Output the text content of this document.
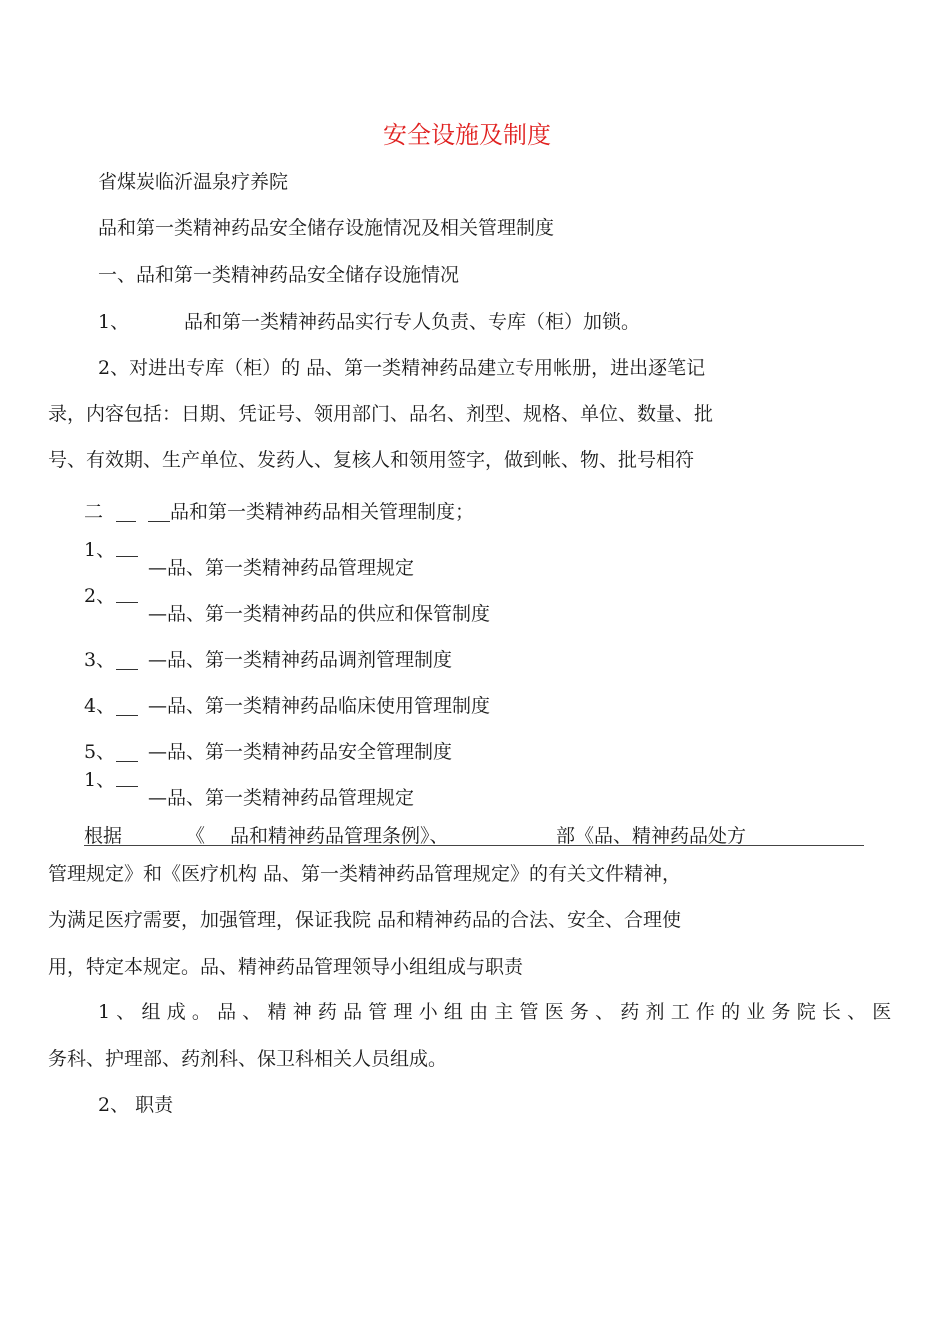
安全设施及制度
省煤炭临沂温泉疗养院
品和第一类精神药品安全储存设施情况及相关管理制度
一、品和第一类精神药品安全储存设施情况
1、	品和第一类精神药品实行专人负责、专库（柜）加锁。
2、对进出专库（柜）的 品、第一类精神药品建立专用帐册，进出逐笔记
录，内容包括：日期、凭证号、领用部门、品名、剂型、规格、单位、数量、批
号、有效期、生产单位、发药人、复核人和领用签字，做到帐、物、批号相符
二	品和第一类精神药品相关管理制度；
1、
—品、第一类精神药品管理规定
2、
—品、第一类精神药品的供应和保管制度
3、 —品、第一类精神药品调剂管理制度
4、 —品、第一类精神药品临床使用管理制度
5、 —品、第一类精神药品安全管理制度
1、
—品、第一类精神药品管理规定
根据	《 品和精神药品管理条例》、	部《品、精神药品处方
管理规定》和《医疗机构 品、第一类精神药品管理规定》的有关文件精神，
为满足医疗需要，加强管理，保证我院 品和精神药品的合法、安全、合理使
用，特定本规定。品、精神药品管理领导小组组成与职责
1、组成。品、精神药品管理小组由主管医务、药剂工作的业务院长、医
务科、护理部、药剂科、保卫科相关人员组成。
2、 职责
